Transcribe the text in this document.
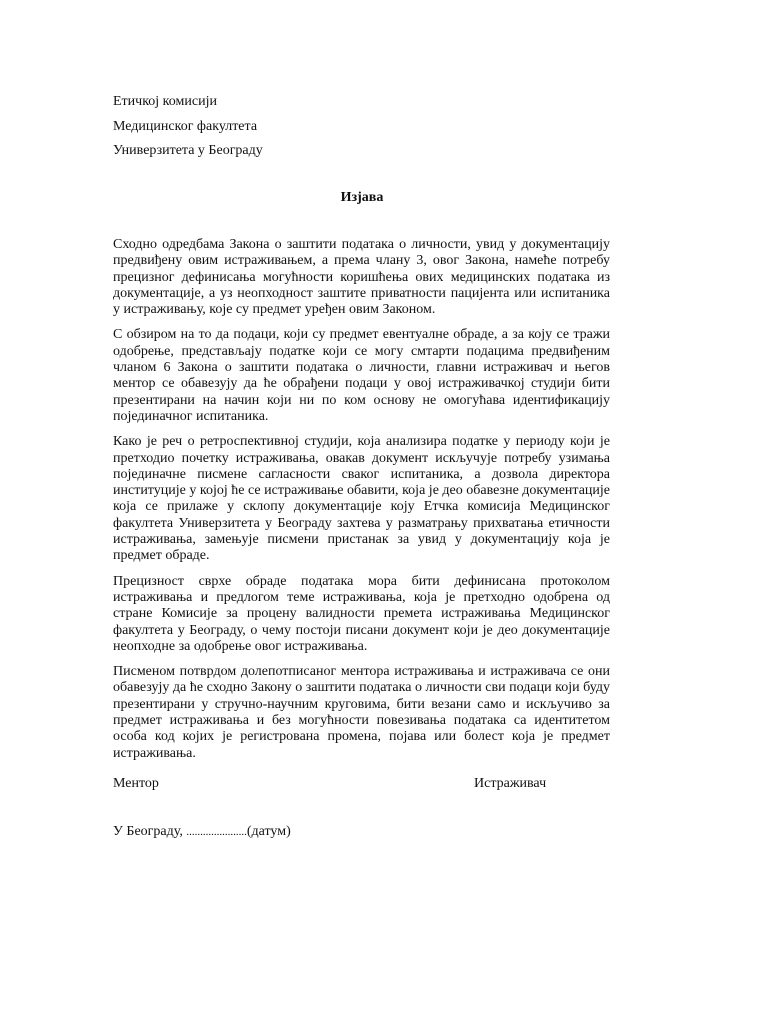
Етичкој комисији
Медицинског факултета
Универзитета у Београду
Изјава

Сходно одредбама Закона о заштити података о личности, увид у документацију предвиђену овим истраживањем, а према члану 3, овог Закона, намеће потребу прецизног дефинисања могућности коришћења ових медицинских података из документације, а уз неопходност заштите приватности пацијента или испитаника у истраживању, које су предмет уређен овим Законом.

С обзиром на то да подаци, који су предмет евентуалне обраде, а за коју се тражи одобрење, представљају податке који се могу смтарти подацима предвиђеним чланом 6 Закона о заштити података о личности, главни истраживач и његов ментор се обавезују да ће обрађени подаци у овој истраживачкој студији бити презентирани на начин који ни по ком основу не омогућава идентификацију појединачног испитаника.

Како је реч о ретроспективној студији, која анализира податке у периоду који је претходио почетку истраживања, овакав документ искључује потребу узимања појединачне писмене сагласности сваког испитаника, а дозвола директора институције у којој ће се истраживање обавити, која је део обавезне документације која се прилаже у склопу документације коју Етчка комисија Медицинског факултета Универзитета у Београду захтева у разматрању прихватања етичности истраживања, замењује писмени пристанак за увид у документацију која је предмет обраде.

Прецизност сврхе обраде података мора бити дефинисана протоколом истраживања и предлогом теме истраживања, која је претходно одобрена од стране Комисије за процену валидности премета истраживања Медицинског факултета у Београду, о чему постоји писани документ који је део документације неопходне за одобрење овог истраживања.

Писменом потврдом долепотписаног ментора истраживања и истраживача се они обавезују да ће сходно Закону о заштити података о личности сви подаци који буду презентирани у стручно-научним круговима, бити везани само и искључиво за предмет истраживања и без могућности повезивања података са идентитетом особа код којих је регистрована промена, појава или болест која је предмет истраживања.

Ментор	Истраживач
У Београду, ......................(датум)
